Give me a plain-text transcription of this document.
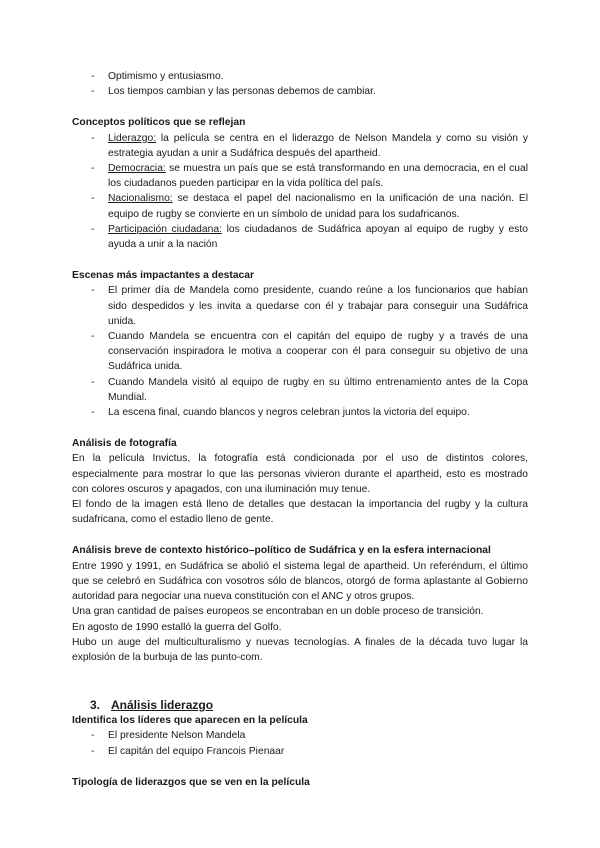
- Optimismo y entusiasmo.
- Los tiempos cambian y las personas debemos de cambiar.

Conceptos políticos que se reflejan

- Liderazgo: la película se centra en el liderazgo de Nelson Mandela y como su visión y estrategia ayudan a unir a Sudáfrica después del apartheid.
- Democracia: se muestra un país que se está transformando en una democracia, en el cual los ciudadanos pueden participar en la vida política del país.
- Nacionalismo: se destaca el papel del nacionalismo en la unificación de una nación. El equipo de rugby se convierte en un símbolo de unidad para los sudafricanos.
- Participación ciudadana: los ciudadanos de Sudáfrica apoyan al equipo de rugby y esto ayuda a unir a la nación

Escenas más impactantes a destacar

- El primer día de Mandela como presidente, cuando reúne a los funcionarios que habían sido despedidos y les invita a quedarse con él y trabajar para conseguir una Sudáfrica unida.
- Cuando Mandela se encuentra con el capitán del equipo de rugby y a través de una conservación inspiradora le motiva a cooperar con él para conseguir su objetivo de una Sudáfrica unida.
- Cuando Mandela visitó al equipo de rugby en su último entrenamiento antes de la Copa Mundial.
- La escena final, cuando blancos y negros celebran juntos la victoria del equipo.

Análisis de fotografía

En la película Invictus, la fotografía está condicionada por el uso de distintos colores, especialmente para mostrar lo que las personas vivieron durante el apartheid, esto es mostrado con colores oscuros y apagados, con una iluminación muy tenue.

El fondo de la imagen está lleno de detalles que destacan la importancia del rugby y la cultura sudafricana, como el estadio lleno de gente.

Análisis breve de contexto histórico–político de Sudáfrica y en la esfera internacional

Entre 1990 y 1991, en Sudáfrica se abolió el sistema legal de apartheid. Un referéndum, el último que se celebró en Sudáfrica con vosotros sólo de blancos, otorgó de forma aplastante al Gobierno autoridad para negociar una nueva constitución con el ANC y otros grupos.

Una gran cantidad de países europeos se encontraban en un doble proceso de transición.

En agosto de 1990 estalló la guerra del Golfo.

Hubo un auge del multiculturalismo y nuevas tecnologías. A finales de la década tuvo lugar la explosión de la burbuja de las punto-com.

3. Análisis liderazgo

Identifica los líderes que aparecen en la película

- El presidente Nelson Mandela
- El capitán del equipo Francois Pienaar

Tipología de liderazgos que se ven en la película
